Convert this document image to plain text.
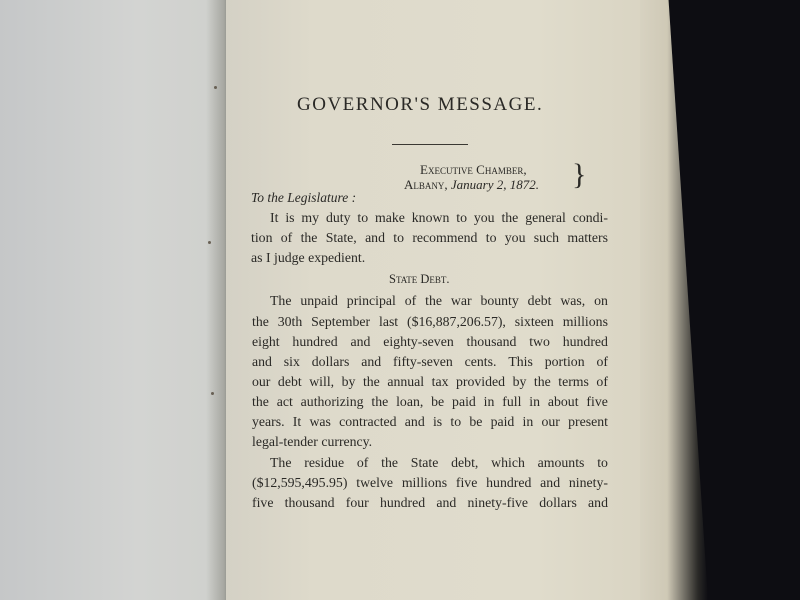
GOVERNOR'S MESSAGE.
Executive Chamber,
Albany, January 2, 1872. }
To the Legislature :
It is my duty to make known to you the general condi-
tion of the State, and to recommend to you such matters
as I judge expedient.
State Debt.
The unpaid principal of the war bounty debt was, on
the 30th September last ($16,887,206.57), sixteen millions
eight hundred and eighty-seven thousand two hundred
and six dollars and fifty-seven cents. This portion of
our debt will, by the annual tax provided by the terms of
the act authorizing the loan, be paid in full in about five
years. It was contracted and is to be paid in our present
legal-tender currency.
The residue of the State debt, which amounts to
($12,595,495.95) twelve millions five hundred and ninety-
five thousand four hundred and ninety-five dollars and
